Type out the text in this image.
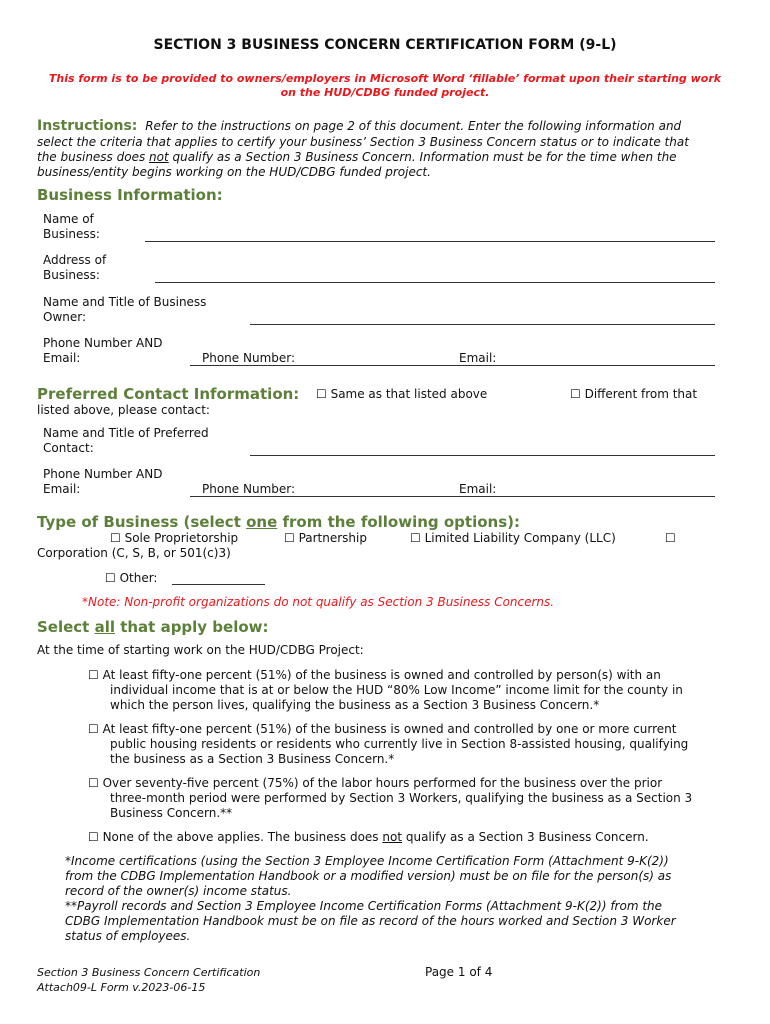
SECTION 3 BUSINESS CONCERN CERTIFICATION FORM (9-L)
This form is to be provided to owners/employers in Microsoft Word ‘fillable’ format upon their starting work
on the HUD/CDBG funded project.
Instructions: Refer to the instructions on page 2 of this document. Enter the following information and
select the criteria that applies to certify your business’ Section 3 Business Concern status or to indicate that
the business does not qualify as a Section 3 Business Concern. Information must be for the time when the
business/entity begins working on the HUD/CDBG funded project.
Business Information:
Name of
Business:
Address of
Business:
Name and Title of Business
Owner:
Phone Number AND
Email:	Phone Number:	Email:
Preferred Contact Information: ☐ Same as that listed above	☐ Different from that
listed above, please contact:
Name and Title of Preferred
Contact:
Phone Number AND
Email:	Phone Number:	Email:
Type of Business (select one from the following options):
☐ Sole Proprietorship	☐ Partnership	☐ Limited Liability Company (LLC)	☐
Corporation (C, S, B, or 501(c)3)
☐ Other:
*Note: Non-profit organizations do not qualify as Section 3 Business Concerns.
Select all that apply below:
At the time of starting work on the HUD/CDBG Project:
☐ At least fifty-one percent (51%) of the business is owned and controlled by person(s) with an
individual income that is at or below the HUD “80% Low Income” income limit for the county in
which the person lives, qualifying the business as a Section 3 Business Concern.*
☐ At least fifty-one percent (51%) of the business is owned and controlled by one or more current
public housing residents or residents who currently live in Section 8-assisted housing, qualifying
the business as a Section 3 Business Concern.*
☐ Over seventy-five percent (75%) of the labor hours performed for the business over the prior
three-month period were performed by Section 3 Workers, qualifying the business as a Section 3
Business Concern.**
☐ None of the above applies. The business does not qualify as a Section 3 Business Concern.
*Income certifications (using the Section 3 Employee Income Certification Form (Attachment 9-K(2))
from the CDBG Implementation Handbook or a modified version) must be on file for the person(s) as
record of the owner(s) income status.
**Payroll records and Section 3 Employee Income Certification Forms (Attachment 9-K(2)) from the
CDBG Implementation Handbook must be on file as record of the hours worked and Section 3 Worker
status of employees.
Section 3 Business Concern Certification
Attach09-L Form v.2023-06-15
Page 1 of 4
